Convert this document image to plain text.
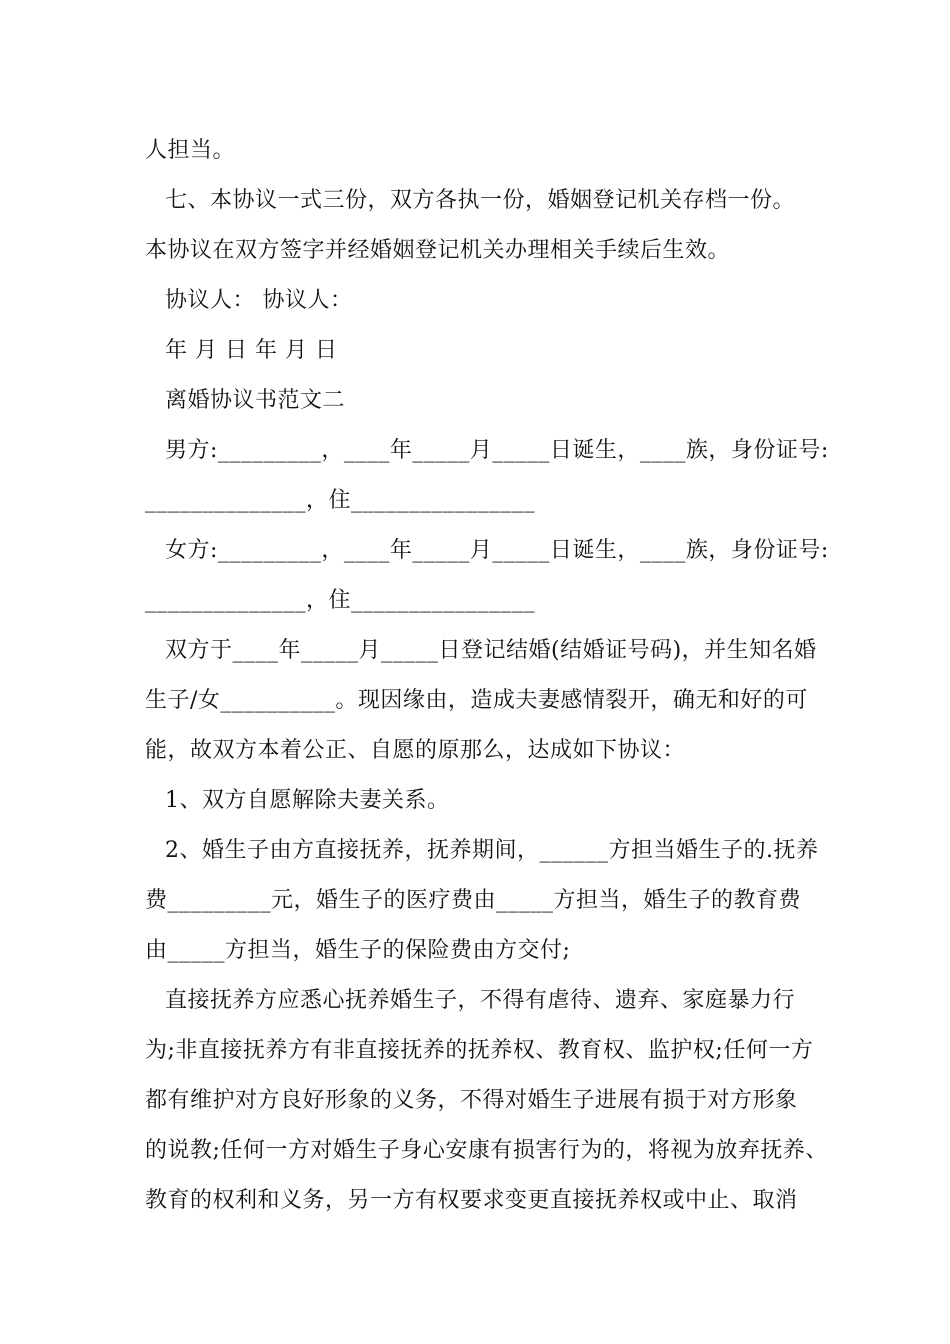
人担当。
七、本协议一式三份，双方各执一份，婚姻登记机关存档一份。
本协议在双方签字并经婚姻登记机关办理相关手续后生效。
协议人： 协议人：
年 月 日 年 月 日
离婚协议书范文二
男方:_________，____年_____月_____日诞生，____族，身份证号:
______________，住________________
女方:_________，____年_____月_____日诞生，____族，身份证号:
______________，住________________
双方于____年_____月_____日登记结婚(结婚证号码)，并生知名婚
生子/女__________。现因缘由，造成夫妻感情裂开，确无和好的可
能，故双方本着公正、自愿的原那么，达成如下协议：
1、双方自愿解除夫妻关系。
2、婚生子由方直接抚养，抚养期间，______方担当婚生子的.抚养
费_________元，婚生子的医疗费由_____方担当，婚生子的教育费
由_____方担当，婚生子的保险费由方交付;
直接抚养方应悉心抚养婚生子，不得有虐待、遗弃、家庭暴力行
为;非直接抚养方有非直接抚养的抚养权、教育权、监护权;任何一方
都有维护对方良好形象的义务，不得对婚生子进展有损于对方形象
的说教;任何一方对婚生子身心安康有损害行为的，将视为放弃抚养、
教育的权利和义务，另一方有权要求变更直接抚养权或中止、取消
